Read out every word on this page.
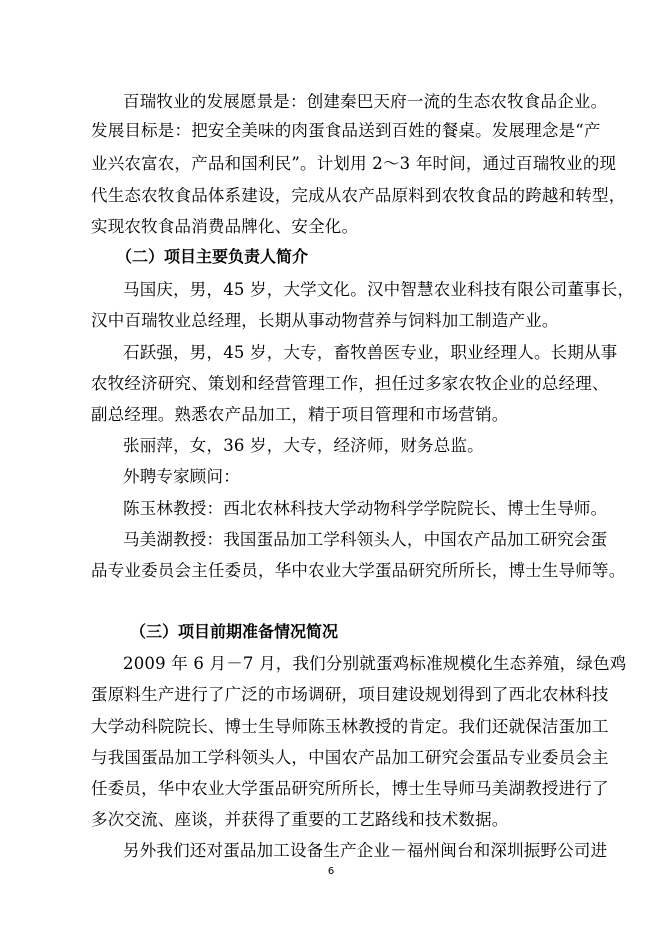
百瑞牧业的发展愿景是：创建秦巴天府一流的生态农牧食品企业。
发展目标是：把安全美味的肉蛋食品送到百姓的餐桌。发展理念是“产
业兴农富农，产品和国利民”。计划用 2～3 年时间，通过百瑞牧业的现
代生态农牧食品体系建设，完成从农产品原料到农牧食品的跨越和转型，
实现农牧食品消费品牌化、安全化。
（二）项目主要负责人简介
马国庆，男，45 岁，大学文化。汉中智慧农业科技有限公司董事长，
汉中百瑞牧业总经理，长期从事动物营养与饲料加工制造产业。
石跃强，男，45 岁，大专，畜牧兽医专业，职业经理人。长期从事
农牧经济研究、策划和经营管理工作，担任过多家农牧企业的总经理、
副总经理。熟悉农产品加工，精于项目管理和市场营销。
张丽萍，女，36 岁，大专，经济师，财务总监。
外聘专家顾问：
陈玉林教授：西北农林科技大学动物科学学院院长、博士生导师。
马美湖教授：我国蛋品加工学科领头人，中国农产品加工研究会蛋
品专业委员会主任委员，华中农业大学蛋品研究所所长，博士生导师等。
（三）项目前期准备情况简况
2009 年 6 月－7 月，我们分别就蛋鸡标准规模化生态养殖，绿色鸡
蛋原料生产进行了广泛的市场调研，项目建设规划得到了西北农林科技
大学动科院院长、博士生导师陈玉林教授的肯定。我们还就保洁蛋加工
与我国蛋品加工学科领头人，中国农产品加工研究会蛋品专业委员会主
任委员，华中农业大学蛋品研究所所长，博士生导师马美湖教授进行了
多次交流、座谈，并获得了重要的工艺路线和技术数据。
另外我们还对蛋品加工设备生产企业－福州闽台和深圳振野公司进
6
